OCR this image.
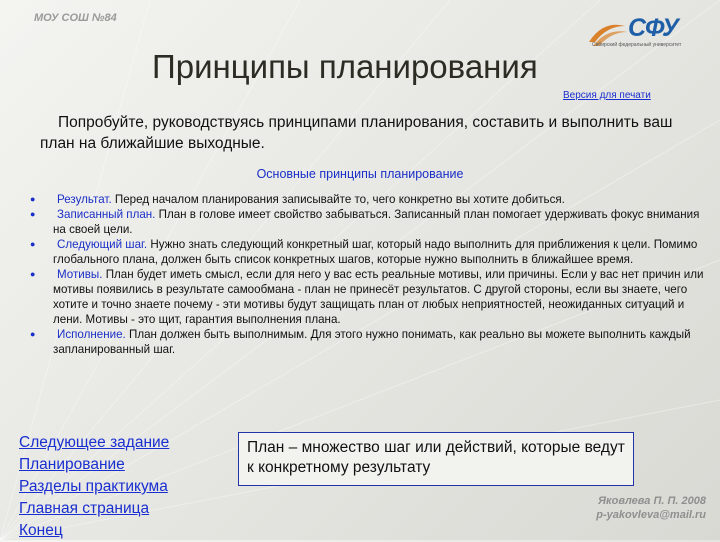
МОУ СОШ №84	СФУ
Сибирский федеральный университет
Принципы планирования
Версия для печати
Попробуйте, руководствуясь принципами планирования, составить и выполнить ваш план на ближайшие выходные.
Основные принципы планирование
● Результат. Перед началом планирования записывайте то, чего конкретно вы хотите добиться.
● Записанный план. План в голове имеет свойство забываться. Записанный план помогает удерживать фокус внимания на своей цели.
● Следующий шаг. Нужно знать следующий конкретный шаг, который надо выполнить для приближения к цели. Помимо глобального плана, должен быть список конкретных шагов, которые нужно выполнить в ближайшее время.
● Мотивы. План будет иметь смысл, если для него у вас есть реальные мотивы, или причины. Если у вас нет причин или мотивы появились в результате самообмана - план не принесёт результатов. С другой стороны, если вы знаете, чего хотите и точно знаете почему - эти мотивы будут защищать план от любых неприятностей, неожиданных ситуаций и лени. Мотивы - это щит, гарантия выполнения плана.
● Исполнение. План должен быть выполнимым. Для этого нужно понимать, как реально вы можете выполнить каждый запланированный шаг.
Следующее задание
Планирование
Разделы практикума
Главная страница
Конец
План – множество шаг или действий, которые ведут к конкретному результату
Яковлева П. П. 2008
p-yakovleva@mail.ru
